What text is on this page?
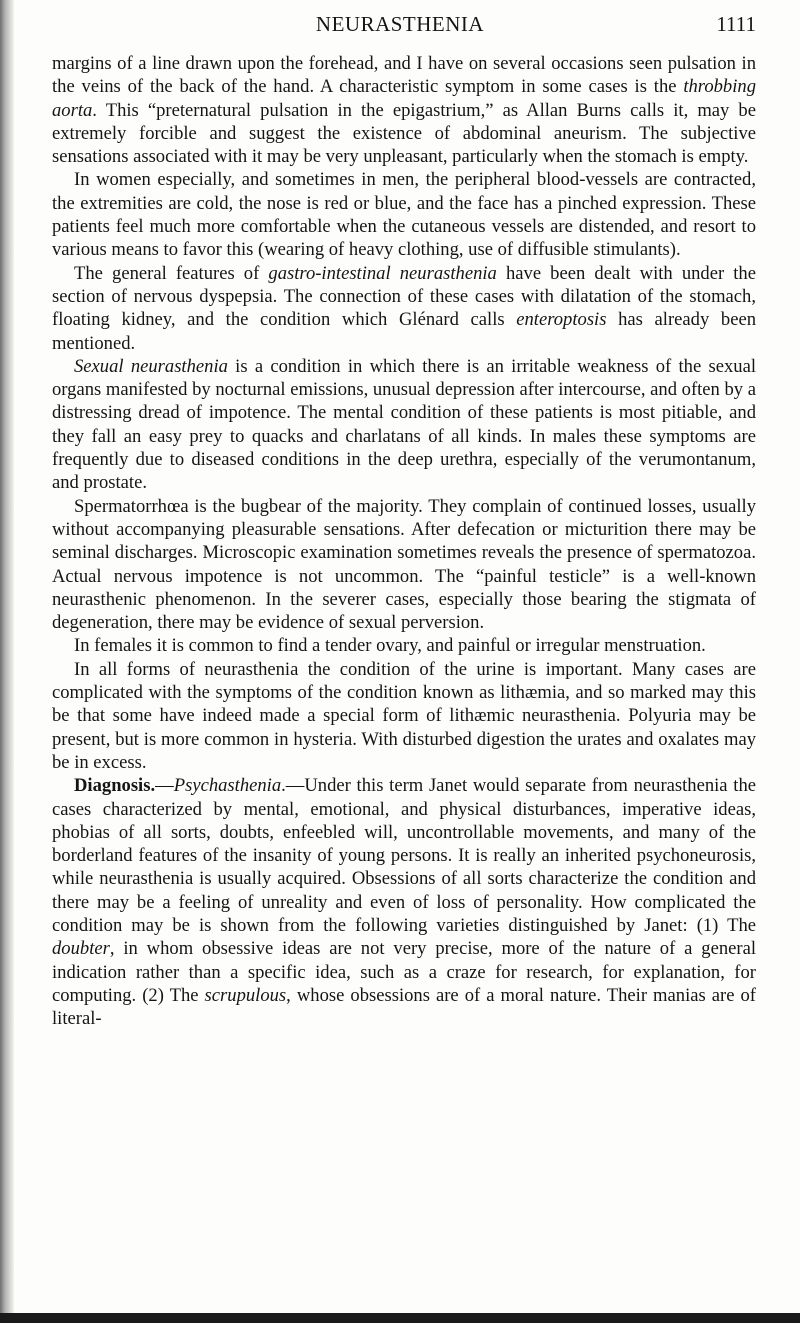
NEURASTHENIA	1111

margins of a line drawn upon the forehead, and I have on several occasions seen pulsation in the veins of the back of the hand. A characteristic symptom in some cases is the throbbing aorta. This “preternatural pulsation in the epigastrium,” as Allan Burns calls it, may be extremely forcible and suggest the existence of abdominal aneurism. The subjective sensations associated with it may be very unpleasant, particularly when the stomach is empty.

In women especially, and sometimes in men, the peripheral blood-vessels are contracted, the extremities are cold, the nose is red or blue, and the face has a pinched expression. These patients feel much more comfortable when the cutaneous vessels are distended, and resort to various means to favor this (wearing of heavy clothing, use of diffusible stimulants).

The general features of gastro-intestinal neurasthenia have been dealt with under the section of nervous dyspepsia. The connection of these cases with dilatation of the stomach, floating kidney, and the condition which Glénard calls enteroptosis has already been mentioned.

Sexual neurasthenia is a condition in which there is an irritable weakness of the sexual organs manifested by nocturnal emissions, unusual depression after intercourse, and often by a distressing dread of impotence. The mental condition of these patients is most pitiable, and they fall an easy prey to quacks and charlatans of all kinds. In males these symptoms are frequently due to diseased conditions in the deep urethra, especially of the verumontanum, and prostate.

Spermatorrhœa is the bugbear of the majority. They complain of continued losses, usually without accompanying pleasurable sensations. After defecation or micturition there may be seminal discharges. Microscopic examination sometimes reveals the presence of spermatozoa. Actual nervous impotence is not uncommon. The “painful testicle” is a well-known neurasthenic phenomenon. In the severer cases, especially those bearing the stigmata of degeneration, there may be evidence of sexual perversion.

In females it is common to find a tender ovary, and painful or irregular menstruation.

In all forms of neurasthenia the condition of the urine is important. Many cases are complicated with the symptoms of the condition known as lithæmia, and so marked may this be that some have indeed made a special form of lithæmic neurasthenia. Polyuria may be present, but is more common in hysteria. With disturbed digestion the urates and oxalates may be in excess.

Diagnosis.—Psychasthenia.—Under this term Janet would separate from neurasthenia the cases characterized by mental, emotional, and physical disturbances, imperative ideas, phobias of all sorts, doubts, enfeebled will, uncontrollable movements, and many of the borderland features of the insanity of young persons. It is really an inherited psychoneurosis, while neurasthenia is usually acquired. Obsessions of all sorts characterize the condition and there may be a feeling of unreality and even of loss of personality. How complicated the condition may be is shown from the following varieties distinguished by Janet: (1) The doubter, in whom obsessive ideas are not very precise, more of the nature of a general indication rather than a specific idea, such as a craze for research, for explanation, for computing. (2) The scrupulous, whose obsessions are of a moral nature. Their manias are of literal-
